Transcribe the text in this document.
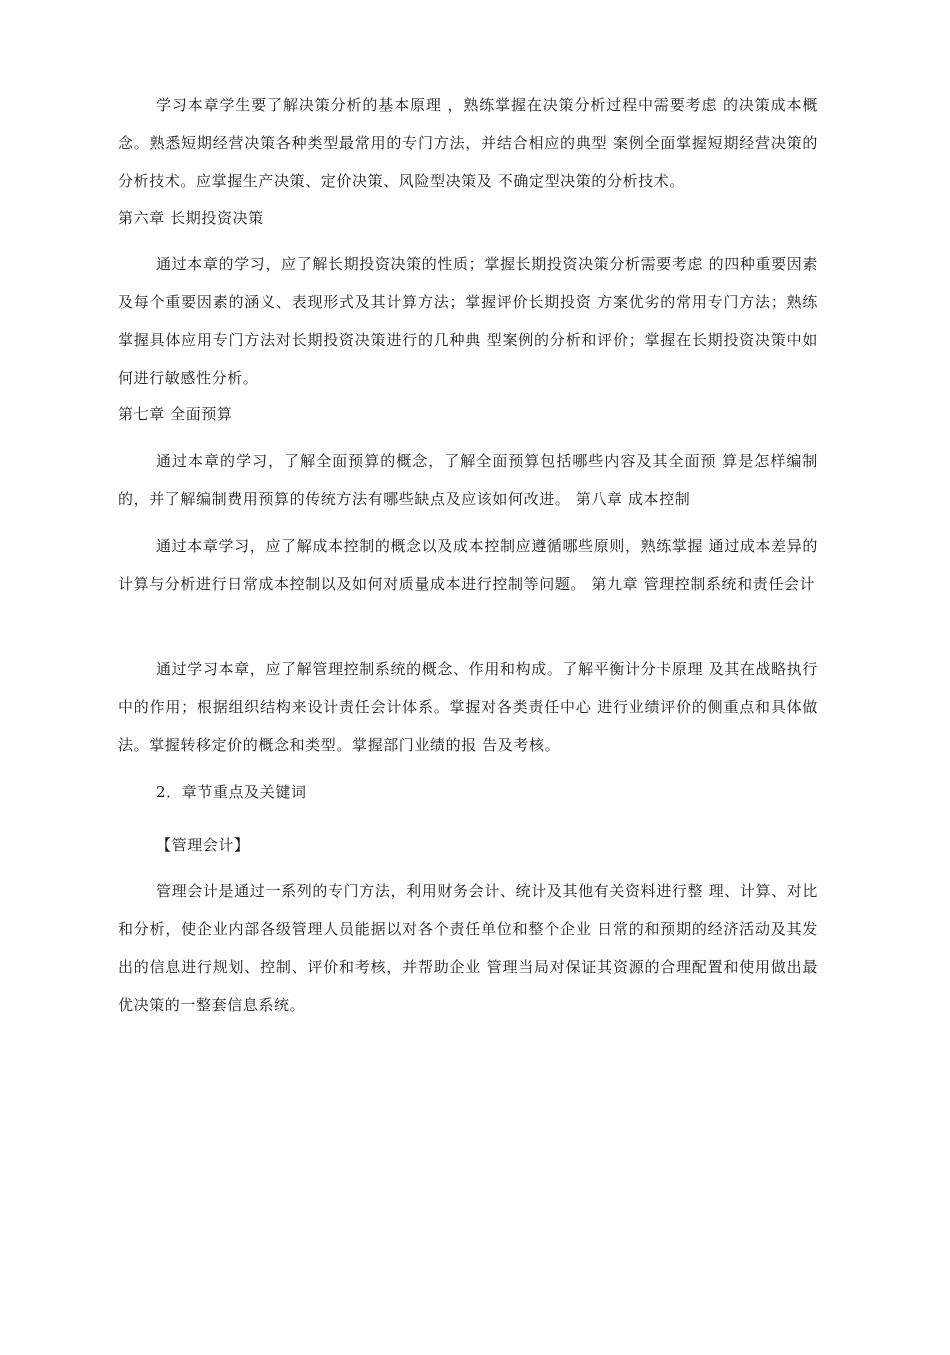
学习本章学生要了解决策分析的基本原理 ，熟练掌握在决策分析过程中需要考虑 的决策成本概念。熟悉短期经营决策各种类型最常用的专门方法，并结合相应的典型 案例全面掌握短期经营决策的分析技术。应掌握生产决策、定价决策、风险型决策及 不确定型决策的分析技术。

第六章 长期投资决策

通过本章的学习，应了解长期投资决策的性质；掌握长期投资决策分析需要考虑 的四种重要因素及每个重要因素的涵义、表现形式及其计算方法；掌握评价长期投资 方案优劣的常用专门方法；熟练掌握具体应用专门方法对长期投资决策进行的几种典 型案例的分析和评价；掌握在长期投资决策中如何进行敏感性分析。

第七章 全面预算

通过本章的学习，了解全面预算的概念，了解全面预算包括哪些内容及其全面预 算是怎样编制的，并了解编制费用预算的传统方法有哪些缺点及应该如何改进。 第八章 成本控制

通过本章学习，应了解成本控制的概念以及成本控制应遵循哪些原则，熟练掌握 通过成本差异的计算与分析进行日常成本控制以及如何对质量成本进行控制等问题。 第九章 管理控制系统和责任会计

通过学习本章，应了解管理控制系统的概念、作用和构成。了解平衡计分卡原理 及其在战略执行中的作用；根据组织结构来设计责任会计体系。掌握对各类责任中心 进行业绩评价的侧重点和具体做法。掌握转移定价的概念和类型。掌握部门业绩的报 告及考核。

2．章节重点及关键词

【管理会计】

管理会计是通过一系列的专门方法，利用财务会计、统计及其他有关资料进行整 理、计算、对比和分析，使企业内部各级管理人员能据以对各个责任单位和整个企业 日常的和预期的经济活动及其发出的信息进行规划、控制、评价和考核，并帮助企业 管理当局对保证其资源的合理配置和使用做出最优决策的一整套信息系统。
